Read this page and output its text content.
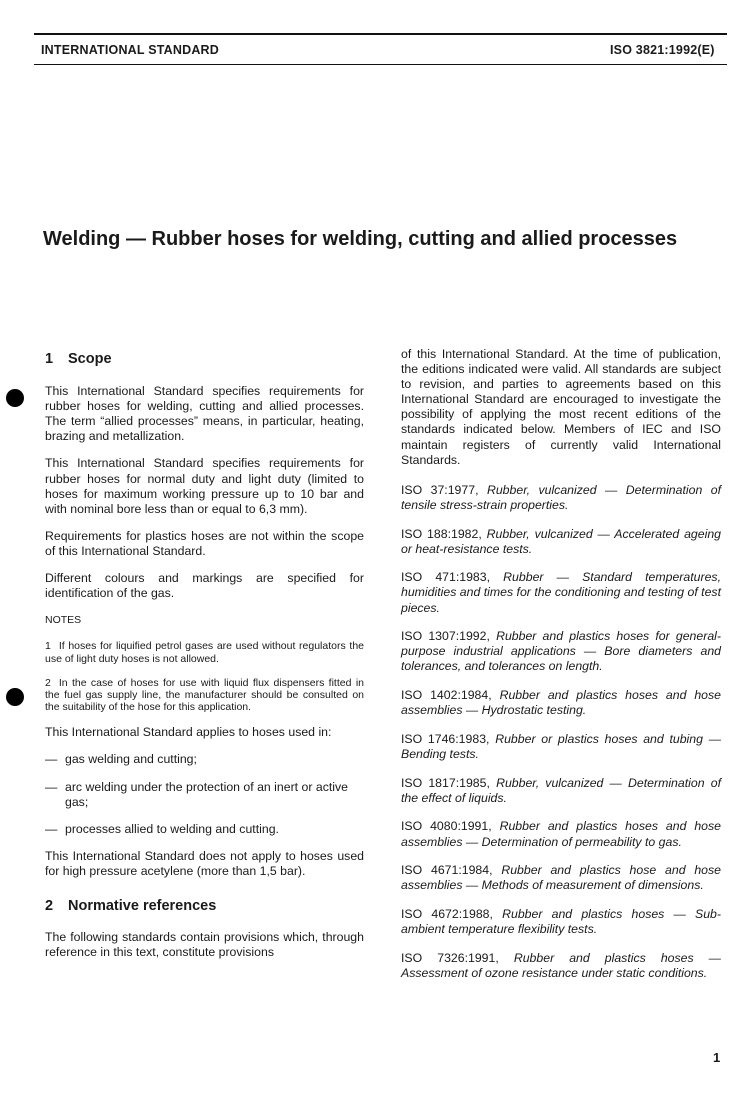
INTERNATIONAL STANDARD	ISO 3821:1992(E)
Welding — Rubber hoses for welding, cutting and allied processes
1	Scope

This International Standard specifies requirements for rubber hoses for welding, cutting and allied processes. The term “allied processes” means, in particular, heating, brazing and metallization.

This International Standard specifies requirements for rubber hoses for normal duty and light duty (limited to hoses for maximum working pressure up to 10 bar and with nominal bore less than or equal to 6,3 mm).

Requirements for plastics hoses are not within the scope of this International Standard.

Different colours and markings are specified for identification of the gas.

NOTES
1 If hoses for liquified petrol gases are used without regulators the use of light duty hoses is not allowed.
2 In the case of hoses for use with liquid flux dispensers fitted in the fuel gas supply line, the manufacturer should be consulted on the suitability of the hose for this application.

This International Standard applies to hoses used in:

— gas welding and cutting;
— arc welding under the protection of an inert or active gas;
— processes allied to welding and cutting.

This International Standard does not apply to hoses used for high pressure acetylene (more than 1,5 bar).

2	Normative references

The following standards contain provisions which, through reference in this text, constitute provisions

of this International Standard. At the time of publication, the editions indicated were valid. All standards are subject to revision, and parties to agreements based on this International Standard are encouraged to investigate the possibility of applying the most recent editions of the standards indicated below. Members of IEC and ISO maintain registers of currently valid International Standards.

ISO 37:1977, Rubber, vulcanized — Determination of tensile stress-strain properties.

ISO 188:1982, Rubber, vulcanized — Accelerated ageing or heat-resistance tests.

ISO 471:1983, Rubber — Standard temperatures, humidities and times for the conditioning and testing of test pieces.

ISO 1307:1992, Rubber and plastics hoses for general-purpose industrial applications — Bore diameters and tolerances, and tolerances on length.

ISO 1402:1984, Rubber and plastics hoses and hose assemblies — Hydrostatic testing.

ISO 1746:1983, Rubber or plastics hoses and tubing — Bending tests.

ISO 1817:1985, Rubber, vulcanized — Determination of the effect of liquids.

ISO 4080:1991, Rubber and plastics hoses and hose assemblies — Determination of permeability to gas.

ISO 4671:1984, Rubber and plastics hose and hose assemblies — Methods of measurement of dimensions.

ISO 4672:1988, Rubber and plastics hoses — Sub-ambient temperature flexibility tests.

ISO 7326:1991, Rubber and plastics hoses — Assessment of ozone resistance under static conditions.

1
